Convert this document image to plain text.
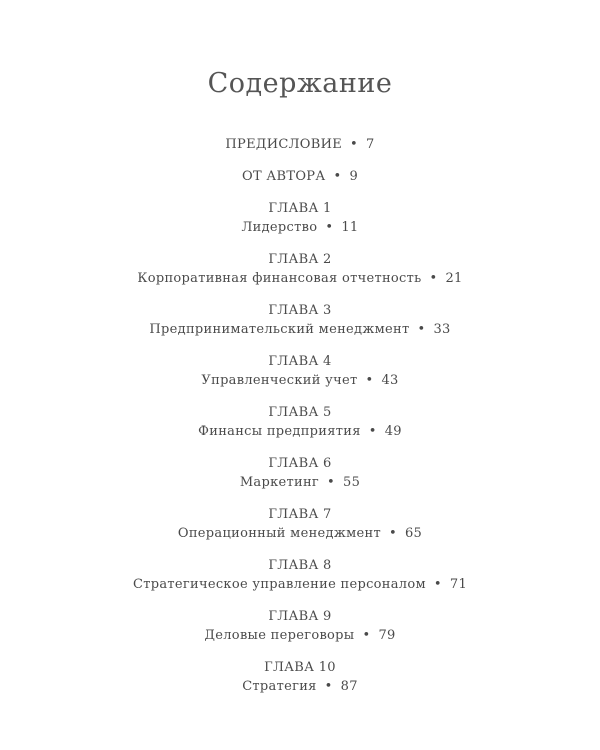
Содержание
ПРЕДИСЛОВИЕ • 7
ОТ АВТОРА • 9
ГЛАВА 1
Лидерство • 11
ГЛАВА 2
Корпоративная финансовая отчетность • 21
ГЛАВА 3
Предпринимательский менеджмент • 33
ГЛАВА 4
Управленческий учет • 43
ГЛАВА 5
Финансы предприятия • 49
ГЛАВА 6
Маркетинг • 55
ГЛАВА 7
Операционный менеджмент • 65
ГЛАВА 8
Стратегическое управление персоналом • 71
ГЛАВА 9
Деловые переговоры • 79
ГЛАВА 10
Стратегия • 87
